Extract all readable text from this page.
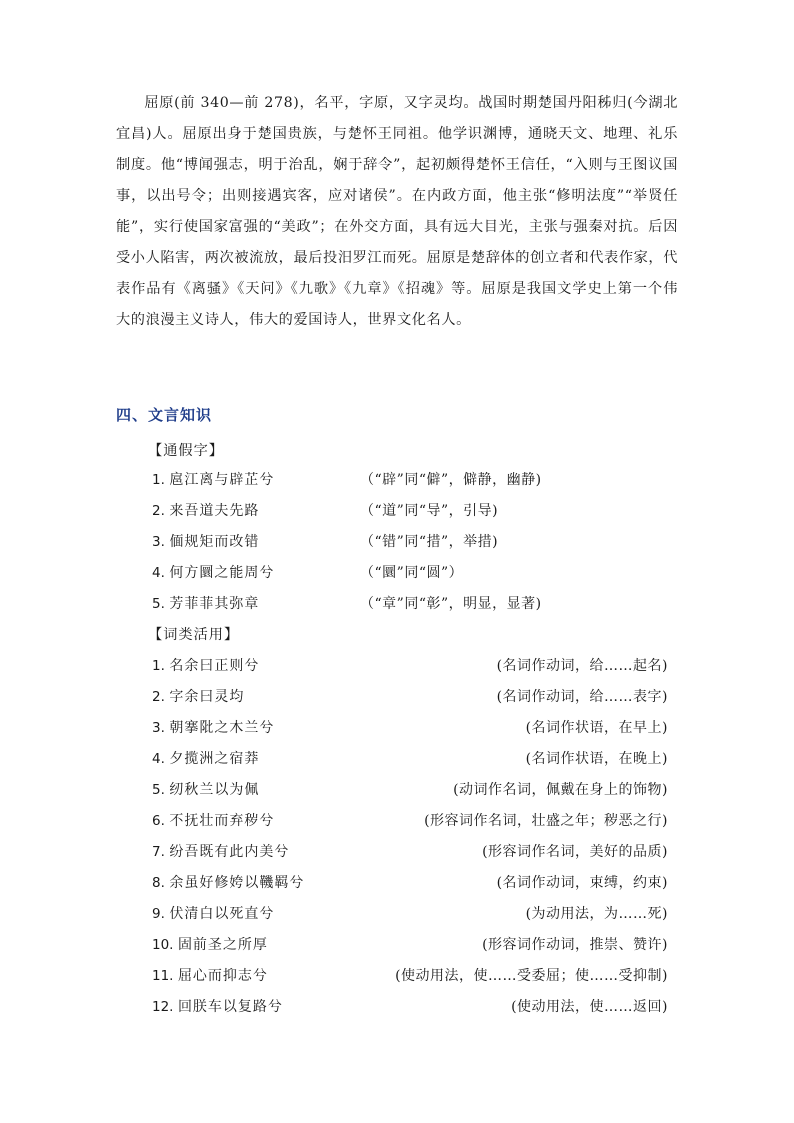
屈原(前 340—前 278)，名平，字原，又字灵均。战国时期楚国丹阳秭归(今湖北宜昌)人。屈原出身于楚国贵族，与楚怀王同祖。他学识渊博，通晓天文、地理、礼乐制度。他“博闻强志，明于治乱，娴于辞令”，起初颇得楚怀王信任，“入则与王图议国事，以出号令；出则接遇宾客，应对诸侯”。在内政方面，他主张“修明法度”“举贤任能”，实行使国家富强的“美政”；在外交方面，具有远大目光，主张与强秦对抗。后因受小人陷害，两次被流放，最后投汨罗江而死。屈原是楚辞体的创立者和代表作家，代表作品有《离骚》《天问》《九歌》《九章》《招魂》等。屈原是我国文学史上第一个伟大的浪漫主义诗人，伟大的爱国诗人，世界文化名人。

四、文言知识

【通假字】

1. 扈江离与辟芷兮	（“辟”同“僻”，僻静，幽静)
2. 来吾道夫先路	（“道”同“导”，引导)
3. 偭规矩而改错	（“错”同“措”，举措)
4. 何方圜之能周兮	（“圜”同“圆”）
5. 芳菲菲其弥章	（“章”同“彰”，明显，显著)

【词类活用】

1. 名余曰正则兮	(名词作动词，给……起名)
2. 字余曰灵均	(名词作动词，给……表字)
3. 朝搴阰之木兰兮	(名词作状语，在早上)
4. 夕揽洲之宿莽	(名词作状语，在晚上)
5. 纫秋兰以为佩	(动词作名词，佩戴在身上的饰物)
6. 不抚壮而弃秽兮	(形容词作名词，壮盛之年；秽恶之行)
7. 纷吾既有此内美兮	(形容词作名词，美好的品质)
8. 余虽好修姱以鞿羁兮	(名词作动词，束缚，约束)
9. 伏清白以死直兮	(为动用法，为……死)
10. 固前圣之所厚	(形容词作动词，推崇、赞许)
11. 屈心而抑志兮	(使动用法，使……受委屈；使……受抑制)
12. 回朕车以复路兮	(使动用法，使……返回)
